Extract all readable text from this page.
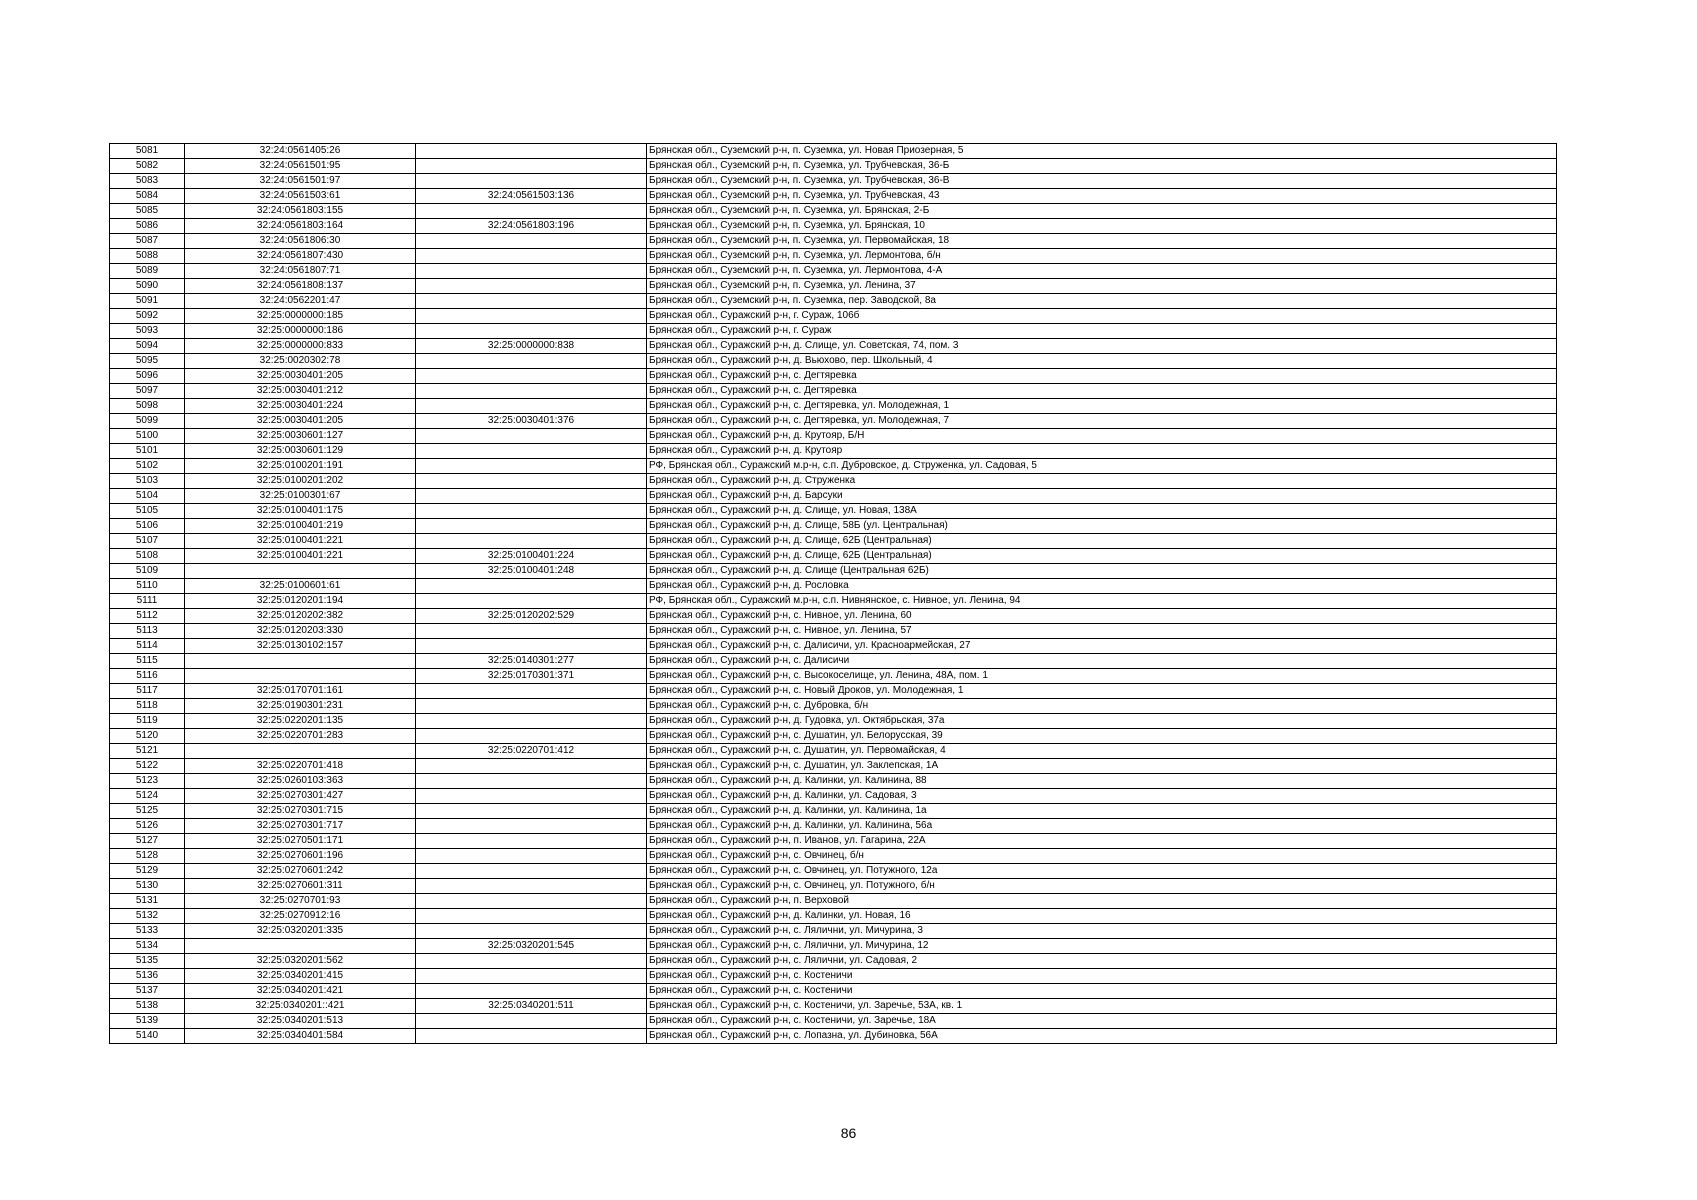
5081	32:24:0561405:26		Брянская обл., Суземский р-н, п. Суземка, ул. Новая Приозерная, 5
5082	32:24:0561501:95		Брянская обл., Суземский р-н, п. Суземка, ул. Трубчевская, 36-Б
5083	32:24:0561501:97		Брянская обл., Суземский р-н, п. Суземка, ул. Трубчевская, 36-В
5084	32:24:0561503:61	32:24:0561503:136	Брянская обл., Суземский р-н, п. Суземка, ул. Трубчевская, 43
5085	32:24:0561803:155		Брянская обл., Суземский р-н, п. Суземка, ул. Брянская, 2-Б
5086	32:24:0561803:164	32:24:0561803:196	Брянская обл., Суземский р-н, п. Суземка, ул. Брянская, 10
5087	32:24:0561806:30		Брянская обл., Суземский р-н, п. Суземка, ул. Первомайская, 18
5088	32:24:0561807:430		Брянская обл., Суземский р-н, п. Суземка, ул. Лермонтова, б/н
5089	32:24:0561807:71		Брянская обл., Суземский р-н, п. Суземка, ул. Лермонтова, 4-А
5090	32:24:0561808:137		Брянская обл., Суземский р-н, п. Суземка, ул. Ленина, 37
5091	32:24:0562201:47		Брянская обл., Суземский р-н, п. Суземка, пер. Заводской, 8а
5092	32:25:0000000:185		Брянская обл., Суражский р-н, г. Сураж, 106б
5093	32:25:0000000:186		Брянская обл., Суражский р-н, г. Сураж
5094	32:25:0000000:833	32:25:0000000:838	Брянская обл., Суражский р-н, д. Слище, ул. Советская, 74, пом. 3
5095	32:25:0020302:78		Брянская обл., Суражский р-н, д. Вьюхово, пер. Школьный, 4
5096	32:25:0030401:205		Брянская обл., Суражский р-н, с. Дегтяревка
5097	32:25:0030401:212		Брянская обл., Суражский р-н, с. Дегтяревка
5098	32:25:0030401:224		Брянская обл., Суражский р-н, с. Дегтяревка, ул. Молодежная, 1
5099	32:25:0030401:205	32:25:0030401:376	Брянская обл., Суражский р-н, с. Дегтяревка, ул. Молодежная, 7
5100	32:25:0030601:127		Брянская обл., Суражский р-н, д. Крутояр, Б/Н
5101	32:25:0030601:129		Брянская обл., Суражский р-н, д. Крутояр
5102	32:25:0100201:191		РФ, Брянская обл., Суражский м.р-н, с.п. Дубровское, д. Струженка, ул. Садовая, 5
5103	32:25:0100201:202		Брянская обл., Суражский р-н, д. Струженка
5104	32:25:0100301:67		Брянская обл., Суражский р-н, д. Барсуки
5105	32:25:0100401:175		Брянская обл., Суражский р-н, д. Слище, ул. Новая, 138А
5106	32:25:0100401:219		Брянская обл., Суражский р-н, д. Слище, 58Б (ул. Центральная)
5107	32:25:0100401:221		Брянская обл., Суражский р-н, д. Слище, 62Б (Центральная)
5108	32:25:0100401:221	32:25:0100401:224	Брянская обл., Суражский р-н, д. Слище, 62Б (Центральная)
5109		32:25:0100401:248	Брянская обл., Суражский р-н, д. Слище (Центральная 62Б)
5110	32:25:0100601:61		Брянская обл., Суражский р-н, д. Рословка
5111	32:25:0120201:194		РФ, Брянская обл., Суражский м.р-н, с.п. Нивнянское, с. Нивное, ул. Ленина, 94
5112	32:25:0120202:382	32:25:0120202:529	Брянская обл., Суражский р-н, с. Нивное, ул. Ленина, 60
5113	32:25:0120203:330		Брянская обл., Суражский р-н, с. Нивное, ул. Ленина, 57
5114	32:25:0130102:157		Брянская обл., Суражский р-н, с. Далисичи, ул. Красноармейская, 27
5115		32:25:0140301:277	Брянская обл., Суражский р-н, с. Далисичи
5116		32:25:0170301:371	Брянская обл., Суражский р-н, с. Высокоселище, ул. Ленина, 48А, пом. 1
5117	32:25:0170701:161		Брянская обл., Суражский р-н, с. Новый Дроков, ул. Молодежная, 1
5118	32:25:0190301:231		Брянская обл., Суражский р-н, с. Дубровка, б/н
5119	32:25:0220201:135		Брянская обл., Суражский р-н, д. Гудовка, ул. Октябрьская, 37а
5120	32:25:0220701:283		Брянская обл., Суражский р-н, с. Душатин, ул. Белорусская, 39
5121		32:25:0220701:412	Брянская обл., Суражский р-н, с. Душатин, ул. Первомайская, 4
5122	32:25:0220701:418		Брянская обл., Суражский р-н, с. Душатин, ул. Заклепская, 1А
5123	32:25:0260103:363		Брянская обл., Суражский р-н, д. Калинки, ул. Калинина, 88
5124	32:25:0270301:427		Брянская обл., Суражский р-н, д. Калинки, ул. Садовая, 3
5125	32:25:0270301:715		Брянская обл., Суражский р-н, д. Калинки, ул. Калинина, 1а
5126	32:25:0270301:717		Брянская обл., Суражский р-н, д. Калинки, ул. Калинина, 56а
5127	32:25:0270501:171		Брянская обл., Суражский р-н, п. Иванов, ул. Гагарина, 22А
5128	32:25:0270601:196		Брянская обл., Суражский р-н, с. Овчинец, б/н
5129	32:25:0270601:242		Брянская обл., Суражский р-н, с. Овчинец, ул. Потужного, 12а
5130	32:25:0270601:311		Брянская обл., Суражский р-н, с. Овчинец, ул. Потужного, б/н
5131	32:25:0270701:93		Брянская обл., Суражский р-н, п. Верховой
5132	32:25:0270912:16		Брянская обл., Суражский р-н, д. Калинки, ул. Новая, 16
5133	32:25:0320201:335		Брянская обл., Суражский р-н, с. Лялични, ул. Мичурина, 3
5134		32:25:0320201:545	Брянская обл., Суражский р-н, с. Лялични, ул. Мичурина, 12
5135	32:25:0320201:562		Брянская обл., Суражский р-н, с. Лялични, ул. Садовая, 2
5136	32:25:0340201:415		Брянская обл., Суражский р-н, с. Костеничи
5137	32:25:0340201:421		Брянская обл., Суражский р-н, с. Костеничи
5138	32:25:0340201::421	32:25:0340201:511	Брянская обл., Суражский р-н, с. Костеничи, ул. Заречье, 53А, кв. 1
5139	32:25:0340201:513		Брянская обл., Суражский р-н, с. Костеничи, ул. Заречье, 18А
5140	32:25:0340401:584		Брянская обл., Суражский р-н, с. Лопазна, ул. Дубиновка, 56А
86
